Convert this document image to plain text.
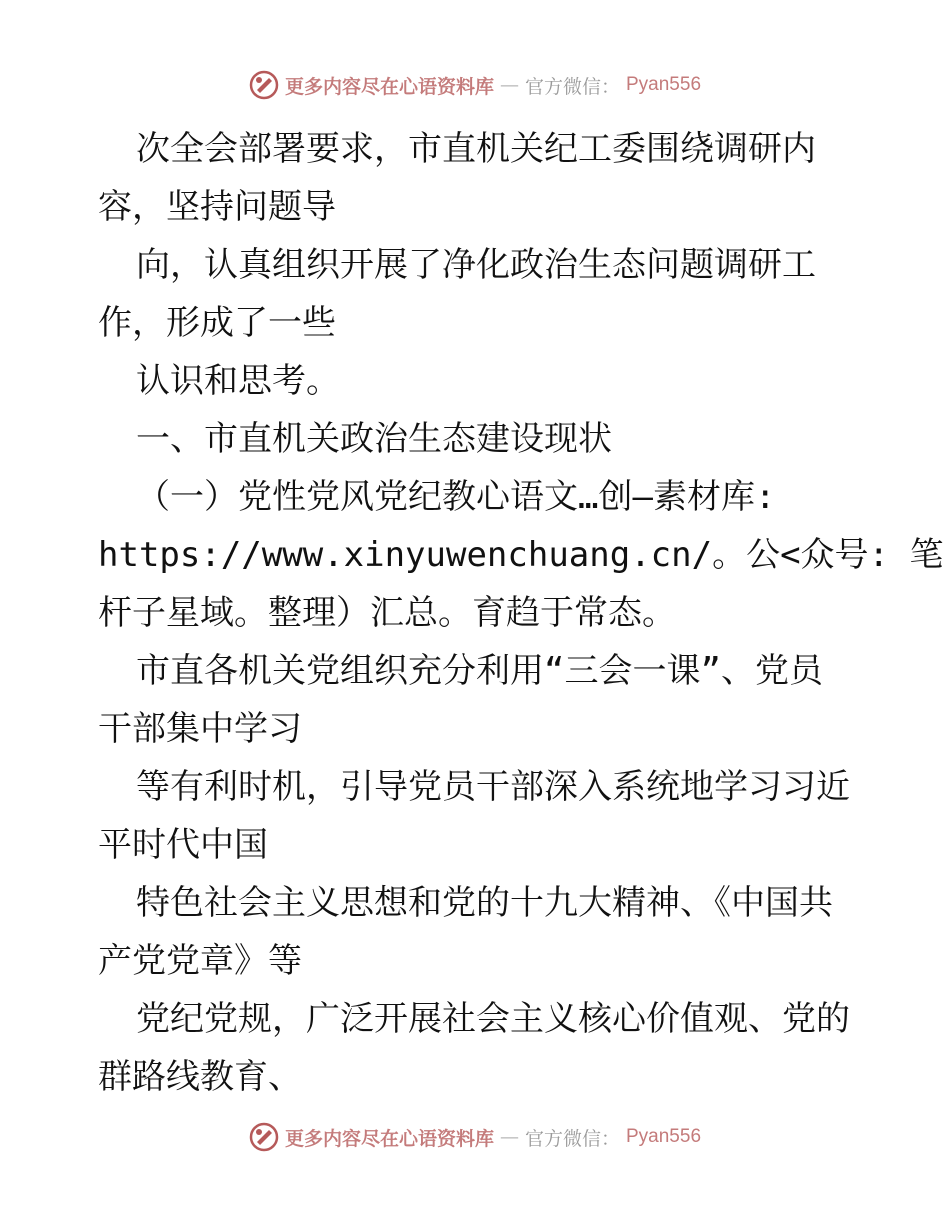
更多内容尽在心语资料库 — 官方微信： Pyan556
次全会部署要求，市直机关纪工委围绕调研内
容，坚持问题导
向，认真组织开展了净化政治生态问题调研工
作，形成了一些
认识和思考。
一、市直机关政治生态建设现状
（一）党性党风党纪教心语文…创—素材库:
https://www.xinyuwenchuang.cn/。公<众号: 笔
杆子星域。整理）汇总。育趋于常态。
市直各机关党组织充分利用“三会一课”、党员
干部集中学习
等有利时机，引导党员干部深入系统地学习习近
平时代中国
特色社会主义思想和党的十九大精神、《中国共
产党党章》等
党纪党规，广泛开展社会主义核心价值观、党的
群路线教育、
更多内容尽在心语资料库 — 官方微信： Pyan556
